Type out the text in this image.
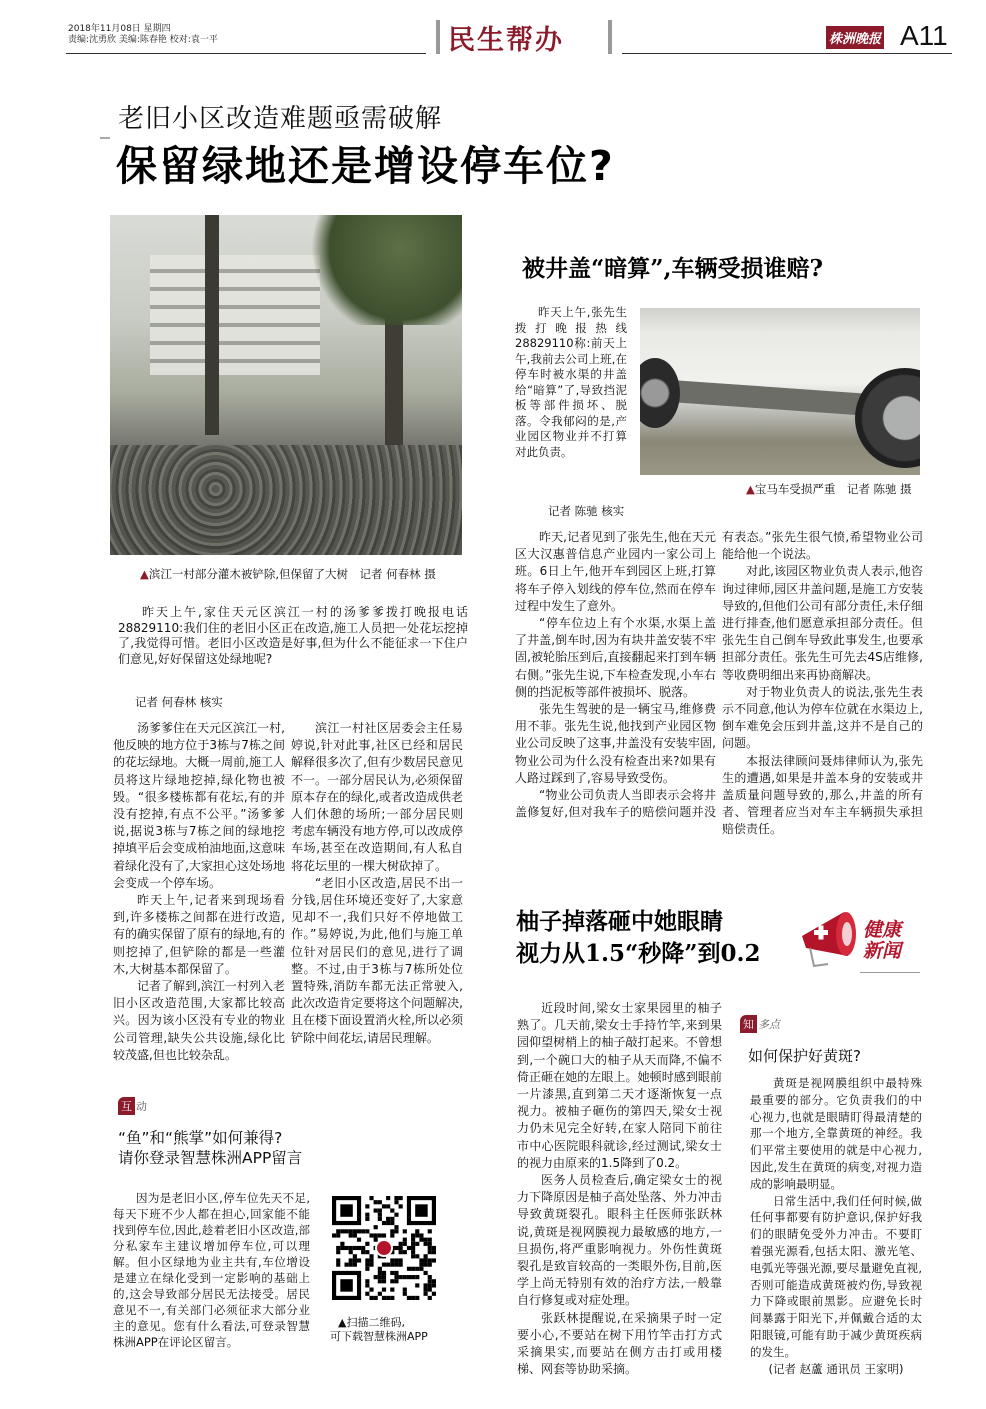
2018年11月08日 星期四
责编:沈勇欣 美编:陈春艳 校对:袁一平	民生帮办	株洲晚报 A11
老旧小区改造难题亟需破解
保留绿地还是增设停车位?
▲滨江一村部分灌木被铲除,但保留了大树　记者 何春林 摄

昨天上午,家住天元区滨江一村的汤爹爹拨打晚报电话28829110:我们住的老旧小区正在改造,施工人员把一处花坛挖掉了,我觉得可惜。老旧小区改造是好事,但为什么不能征求一下住户们意见,好好保留这处绿地呢?

记者 何春林 核实

汤爹爹住在天元区滨江一村,他反映的地方位于3栋与7栋之间的花坛绿地。大概一周前,施工人员将这片绿地挖掉,绿化物也被毁。“很多楼栋都有花坛,有的并没有挖掉,有点不公平。”汤爹爹说,据说3栋与7栋之间的绿地挖掉填平后会变成柏油地面,这意味着绿化没有了,大家担心这处场地会变成一个停车场。

昨天上午,记者来到现场看到,许多楼栋之间都在进行改造,有的确实保留了原有的绿地,有的则挖掉了,但铲除的都是一些灌木,大树基本都保留了。

记者了解到,滨江一村列入老旧小区改造范围,大家都比较高兴。因为该小区没有专业的物业公司管理,缺失公共设施,绿化比较茂盛,但也比较杂乱。

滨江一村社区居委会主任易婷说,针对此事,社区已经和居民解释很多次了,但有少数居民意见不一。一部分居民认为,必须保留原本存在的绿化,或者改造成供老人们休憩的场所;一部分居民则考虑车辆没有地方停,可以改成停车场,甚至在改造期间,有人私自将花坛里的一棵大树砍掉了。

“老旧小区改造,居民不出一分钱,居住环境还变好了,大家意见却不一,我们只好不停地做工作。”易婷说,为此,他们与施工单位针对居民们的意见,进行了调整。不过,由于3栋与7栋所处位置特殊,消防车都无法正常驶入,此次改造肯定要将这个问题解决,且在楼下面设置消火栓,所以必须铲除中间花坛,请居民理解。

互 动
“鱼”和“熊掌”如何兼得?
请你登录智慧株洲APP留言

因为是老旧小区,停车位先天不足,每天下班不少人都在担心,回家能不能找到停车位,因此,趁着老旧小区改造,部分私家车主建议增加停车位,可以理解。但小区绿地为业主共有,车位增设是建立在绿化受到一定影响的基础上的,这会导致部分居民无法接受。居民意见不一,有关部门必须征求大部分业主的意见。您有什么看法,可登录智慧株洲APP在评论区留言。

▲扫描二维码,
可下载智慧株洲APP
被井盖“暗算”,车辆受损谁赔?

昨天上午,张先生拨打晚报热线28829110称:前天上午,我前去公司上班,在停车时被水渠的井盖给“暗算”了,导致挡泥板等部件损坏、脱落。令我郁闷的是,产业园区物业并不打算对此负责。

▲宝马车受损严重　记者 陈驰 摄
记者 陈驰 核实

昨天,记者见到了张先生,他在天元区大汉惠普信息产业园内一家公司上班。6日上午,他开车到园区上班,打算将车子停入划线的停车位,然而在停车过程中发生了意外。

“停车位边上有个水渠,水渠上盖了井盖,倒车时,因为有块井盖安装不牢固,被轮胎压到后,直接翻起来打到车辆右侧。”张先生说,下车检查发现,小车右侧的挡泥板等部件被损坏、脱落。

张先生驾驶的是一辆宝马,维修费用不菲。张先生说,他找到产业园区物业公司反映了这事,井盖没有安装牢固,物业公司为什么没有检查出来?如果有人路过踩到了,容易导致受伤。

“物业公司负责人当即表示会将井盖修复好,但对我车子的赔偿问题并没有表态。”张先生很气愤,希望物业公司能给他一个说法。

对此,该园区物业负责人表示,他咨询过律师,园区井盖问题,是施工方安装导致的,但他们公司有部分责任,未仔细进行排查,他们愿意承担部分责任。但张先生自己倒车导致此事发生,也要承担部分责任。张先生可先去4S店维修,等收费明细出来再协商解决。

对于物业负责人的说法,张先生表示不同意,他认为停车位就在水渠边上,倒车难免会压到井盖,这并不是自己的问题。

本报法律顾问聂炜律师认为,张先生的遭遇,如果是井盖本身的安装或井盖质量问题导致的,那么,井盖的所有者、管理者应当对车主车辆损失承担赔偿责任。

柚子掉落砸中她眼睛
视力从1.5“秒降”到0.2
健康
新闻

近段时间,梁女士家果园里的柚子熟了。几天前,梁女士手持竹竿,来到果园仰望树梢上的柚子敲打起来。不曾想到,一个碗口大的柚子从天而降,不偏不倚正砸在她的左眼上。她顿时感到眼前一片漆黑,直到第二天才逐渐恢复一点视力。被柚子砸伤的第四天,梁女士视力仍未见完全好转,在家人陪同下前往市中心医院眼科就诊,经过测试,梁女士的视力由原来的1.5降到了0.2。

医务人员检查后,确定梁女士的视力下降原因是柚子高处坠落、外力冲击导致黄斑裂孔。眼科主任医师张跃林说,黄斑是视网膜视力最敏感的地方,一旦损伤,将严重影响视力。外伤性黄斑裂孔是致盲较高的一类眼外伤,目前,医学上尚无特别有效的治疗方法,一般靠自行修复或对症处理。

张跃林提醒说,在采摘果子时一定要小心,不要站在树下用竹竿击打方式采摘果实,而要站在侧方击打或用楼梯、网套等协助采摘。

知 多点
如何保护好黄斑?

黄斑是视网膜组织中最特殊最重要的部分。它负责我们的中心视力,也就是眼睛盯得最清楚的那一个地方,全靠黄斑的神经。我们平常主要使用的就是中心视力,因此,发生在黄斑的病变,对视力造成的影响最明显。

日常生活中,我们任何时候,做任何事都要有防护意识,保护好我们的眼睛免受外力冲击。不要盯着强光源看,包括太阳、激光笔、电弧光等强光源,要尽量避免直视,否则可能造成黄斑被灼伤,导致视力下降或眼前黑影。应避免长时间暴露于阳光下,并佩戴合适的太阳眼镜,可能有助于减少黄斑疾病的发生。

(记者 赵蘆 通讯员 王家明)
